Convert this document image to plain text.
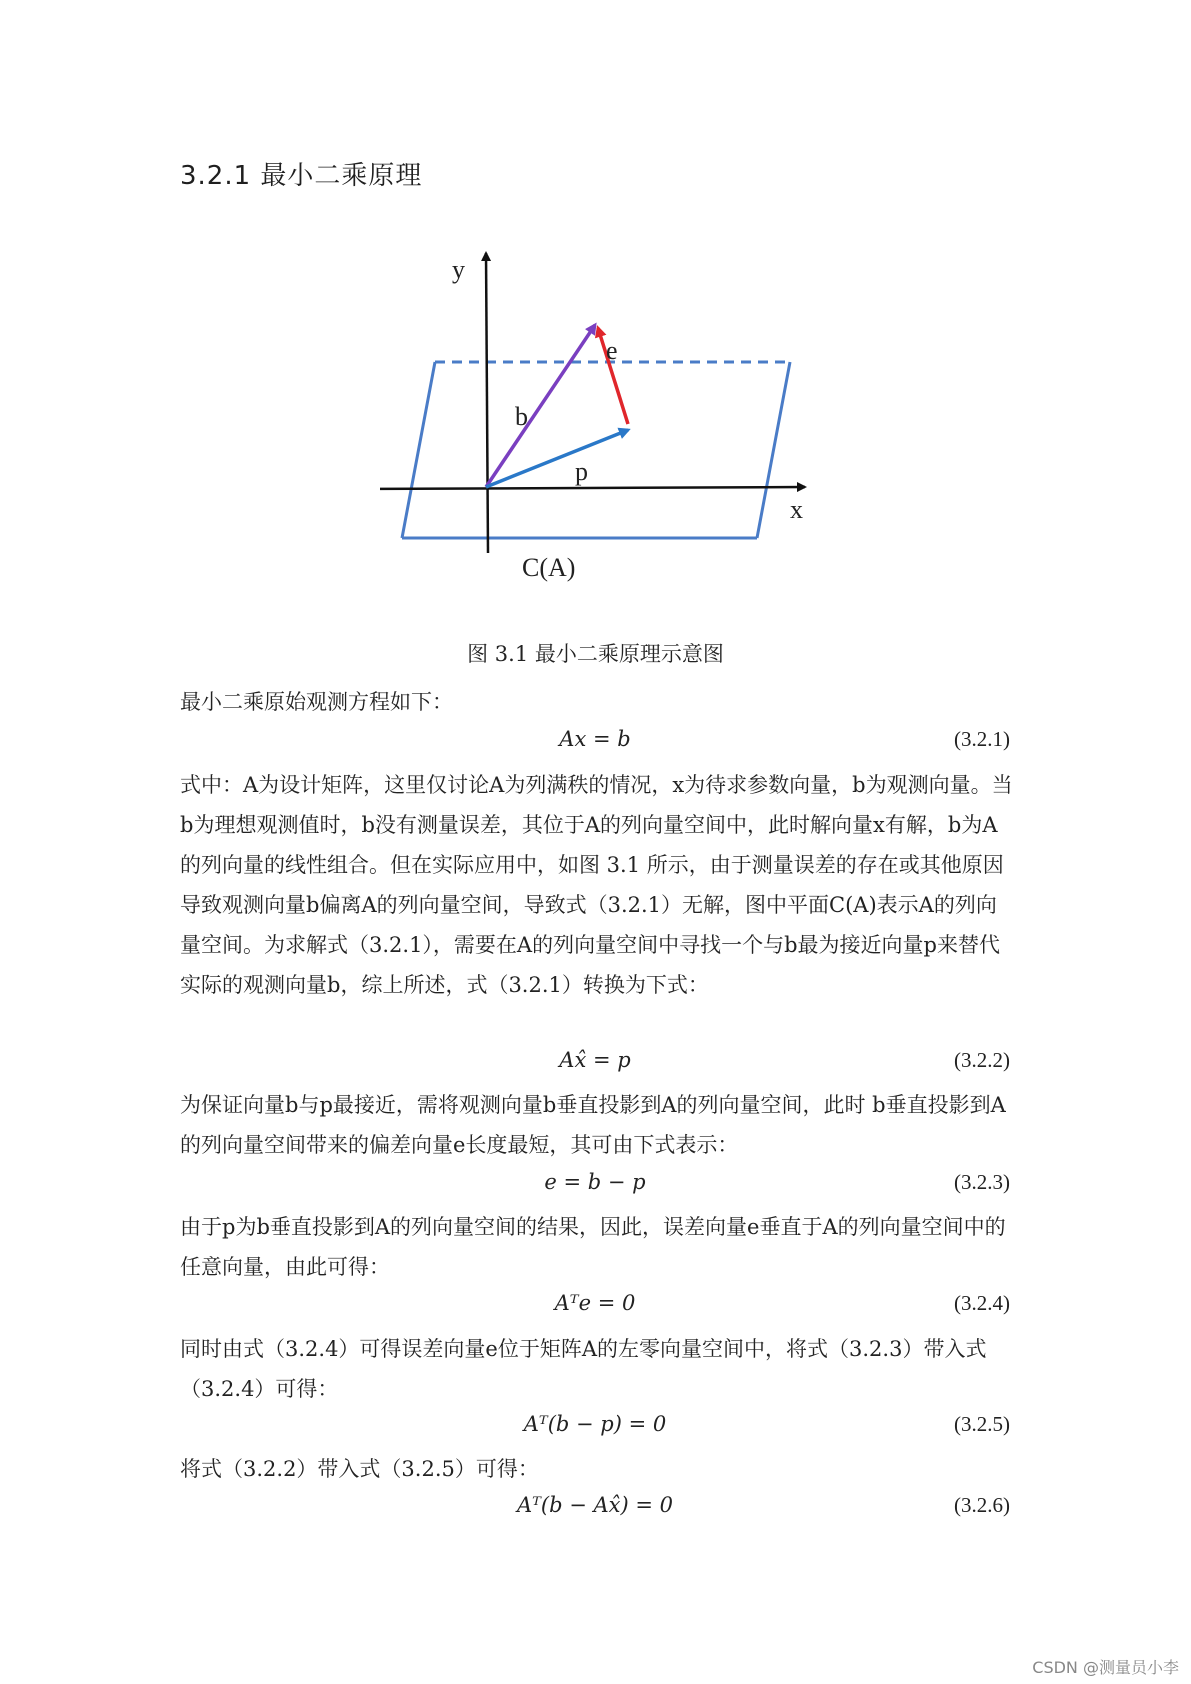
3.2.1 最小二乘原理
y
x
b
p
e
C(A)
图 3.1 最小二乘原理示意图

最小二乘原始观测方程如下：

Ax = b	(3.2.1)

式中：A为设计矩阵，这里仅讨论A为列满秩的情况，x为待求参数向量，b为观测向量。当b为理想观测值时，b没有测量误差，其位于A的列向量空间中，此时解向量x有解，b为A的列向量的线性组合。但在实际应用中，如图 3.1 所示，由于测量误差的存在或其他原因导致观测向量b偏离A的列向量空间，导致式（3.2.1）无解，图中平面C(A)表示A的列向量空间。为求解式（3.2.1），需要在A的列向量空间中寻找一个与b最为接近向量p来替代实际的观测向量b，综上所述，式（3.2.1）转换为下式：

Ax̂ = p	(3.2.2)

为保证向量b与p最接近，需将观测向量b垂直投影到A的列向量空间，此时 b垂直投影到A的列向量空间带来的偏差向量e长度最短，其可由下式表示：

e = b − p	(3.2.3)

由于p为b垂直投影到A的列向量空间的结果，因此，误差向量e垂直于A的列向量空间中的任意向量，由此可得：

Aᵀe = 0	(3.2.4)

同时由式（3.2.4）可得误差向量e位于矩阵A的左零向量空间中，将式（3.2.3）带入式（3.2.4）可得：

Aᵀ(b − p) = 0	(3.2.5)

将式（3.2.2）带入式（3.2.5）可得：

Aᵀ(b − Ax̂) = 0	(3.2.6)
CSDN @测量员小李
